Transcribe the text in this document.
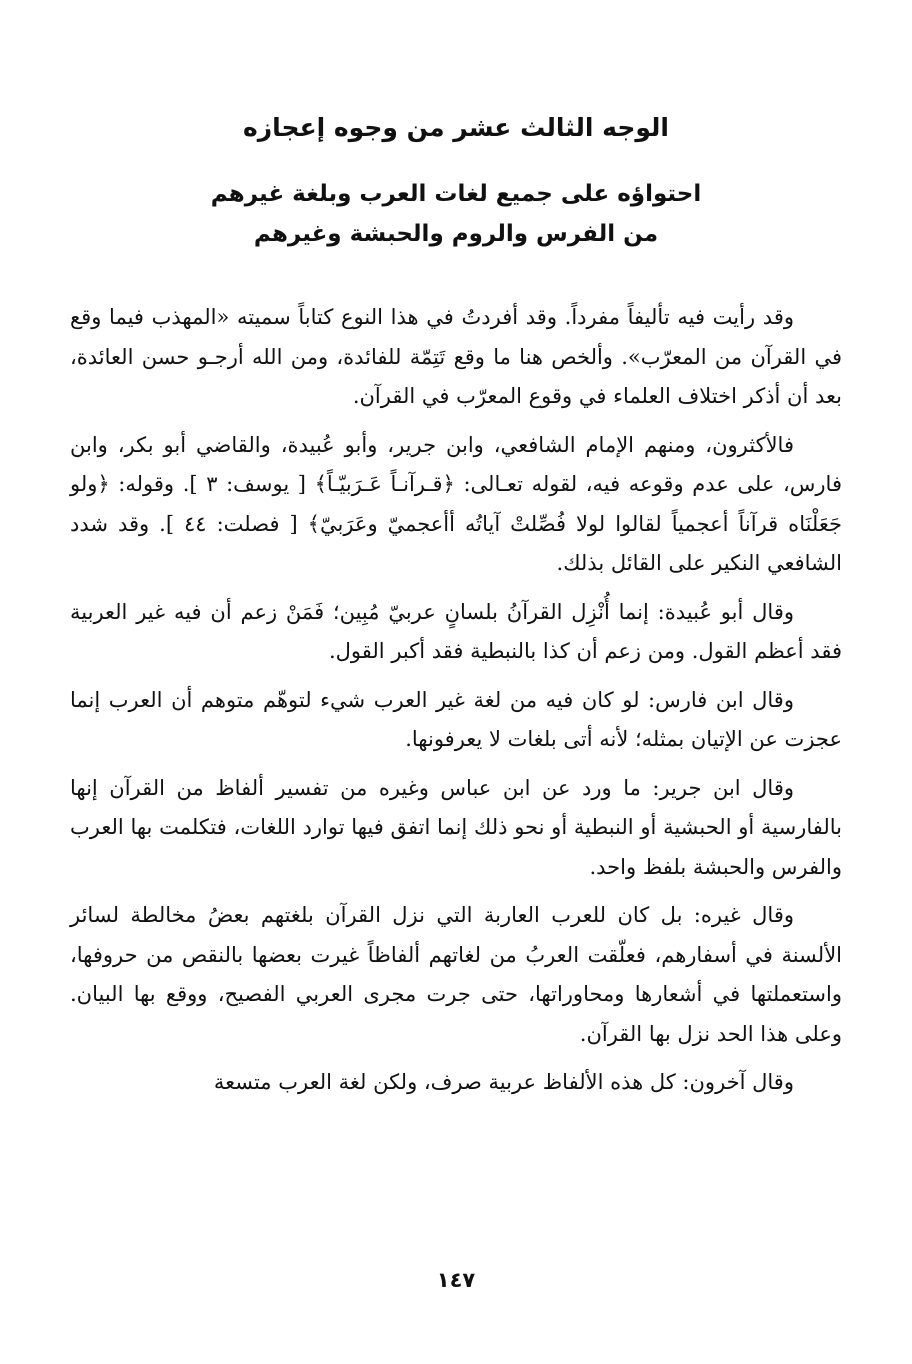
الوجه الثالث عشر من وجوه إعجازه
احتواؤه على جميع لغات العرب وبلغة غيرهم
من الفرس والروم والحبشة وغيرهم

وقد رأيت فيه تأليفاً مفرداً. وقد أفردتُ في هذا النوع كتاباً سميته «المهذب فيما وقع في القرآن من المعرّب». وألخص هنا ما وقع تَتِمّة للفائدة، ومن الله أرجـو حسن العائدة، بعد أن أذكر اختلاف العلماء في وقوع المعرّب في القرآن.

فالأكثرون، ومنهم الإمام الشافعي، وابن جرير، وأبو عُبيدة، والقاضي أبو بكر، وابن فارس، على عدم وقوعه فيه، لقوله تعـالى: ﴿قـرآنـاً عَـرَبيّـاً﴾ [ يوسف: ٣ ]. وقوله: ﴿ولو جَعَلْنَاه قرآناً أعجمياً لقالوا لولا فُصِّلتْ آياتُه أأعجميّ وعَرَبيّ﴾ [ فصلت: ٤٤ ]. وقد شدد الشافعي النكير على القائل بذلك.

وقال أبو عُبيدة: إنما أُنْزِل القرآنُ بلسانٍ عربيّ مُبِين؛ فَمَنْ زعم أن فيه غير العربية فقد أعظم القول. ومن زعم أن كذا بالنبطية فقد أكبر القول.

وقال ابن فارس: لو كان فيه من لغة غير العرب شيء لتوهّم متوهم أن العرب إنما عجزت عن الإتيان بمثله؛ لأنه أتى بلغات لا يعرفونها.

وقال ابن جرير: ما ورد عن ابن عباس وغيره من تفسير ألفاظ من القرآن إنها بالفارسية أو الحبشية أو النبطية أو نحو ذلك إنما اتفق فيها توارد اللغات، فتكلمت بها العرب والفرس والحبشة بلفظ واحد.

وقال غيره: بل كان للعرب العاربة التي نزل القرآن بلغتهم بعضُ مخالطة لسائر الألسنة في أسفارهم، فعلّقت العربُ من لغاتهم ألفاظاً غيرت بعضها بالنقص من حروفها، واستعملتها في أشعارها ومحاوراتها، حتى جرت مجرى العربي الفصيح، ووقع بها البيان. وعلى هذا الحد نزل بها القرآن.

وقال آخرون: كل هذه الألفاظ عربية صرف، ولكن لغة العرب متسعة

١٤٧
